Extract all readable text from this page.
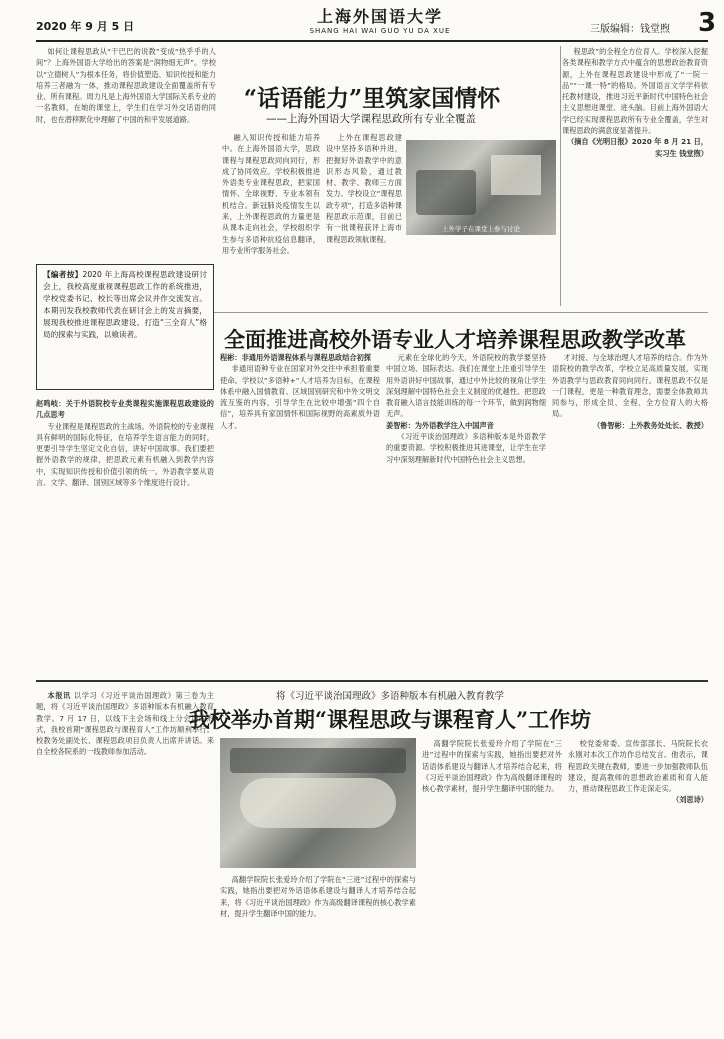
2020 年 9 月 5 日
上海外国语大学
SHANG HAI WAI GUO YU DA XUE	三版编辑：钱堂煦 3
“话语能力”里筑家国情怀
——上海外国语大学课程思政所有专业全覆盖

如何让课程思政从“干巴巴的说教”变成“热乎乎的人间”？上海外国语大学给出的答案是“润物细无声”。学校以“立德树人”为根本任务，将价值塑造、知识传授和能力培养三者融为一体，推动课程思政建设全面覆盖所有专业、所有课程。周力凡是上海外国语大学国际关系专业的一名教师，在她的课堂上，学生们在学习外交话语的同时，也在潜移默化中理解了中国的和平发展道路。

融入知识传授和能力培养中。在上海外国语大学，思政课程与课程思政同向同行，形成了协同效应。学校积极推进外语类专业课程思政，把家国情怀、全球视野、专业本领有机结合。新冠肺炎疫情发生以来，上外课程思政的力量更是从课本走向社会，学校组织学生参与多语种抗疫信息翻译，用专业所学服务社会。

上外在课程思政建设中坚持多语种并进，把握好外语教学中的意识形态风险，通过教材、教学、教师三方面发力。学校设立“课程思政专项”，打造多语种课程思政示范课，目前已有一批课程获评上海市课程思政领航课程。

上外学子在课堂上参与讨论

程思政”的全程全方位育人。学校深入挖掘各类课程和教学方式中蕴含的思想政治教育资源，上外在课程思政建设中形成了“一院一品”“一课一特”的格局。外国语言文学学科依托教材建设，推进习近平新时代中国特色社会主义思想进课堂、进头脑。目前上海外国语大学已经实现课程思政所有专业全覆盖，学生对课程思政的满意度显著提升。

（摘自《光明日报》2020 年 8 月 21 日，实习生 钱堂煦）

【编者按】2020 年上海高校课程思政建设研讨会上，我校高度重视课程思政工作的系统推进，学校党委书记、校长等出席会议并作交流发言。本期刊发我校教师代表在研讨会上的发言摘要，展现我校推进课程思政建设、打造“三全育人”格局的探索与实践，以飨读者。	全面推进高校外语专业人才培养课程思政教学改革

赵鸣岐：关于外语院校专业类课程实施课程思政建设的几点思考

专业课程是课程思政的主战场。外语院校的专业课程具有鲜明的国际化特征，在培养学生语言能力的同时，更要引导学生坚定文化自信，讲好中国故事。我们要把握外语教学的规律，把思政元素有机融入到教学内容中，实现知识传授和价值引领的统一。外语教学要从语言、文学、翻译、国别区域等多个维度进行设计。

程彬：非通用外语课程体系与课程思政结合初探

非通用语种专业在国家对外交往中承担着重要使命。学校以“多语种+”人才培养为目标，在课程体系中融入国情教育、区域国别研究和中外文明交流互鉴的内容，引导学生在比较中增强“四个自信”，培养具有家国情怀和国际视野的高素质外语人才。

元素在全球化的今天，外语院校的教学要坚持中国立场、国际表达。我们在课堂上注重引导学生用外语讲好中国故事，通过中外比较的视角让学生深刻理解中国特色社会主义制度的优越性。把思政教育融入语言技能训练的每一个环节，做到润物细无声。

姜智彬：为外语教学注入中国声音

《习近平谈治国理政》多语种版本是外语教学的重要资源。学校积极推进其进课堂，让学生在学习中深刻理解新时代中国特色社会主义思想。

才对接、与全球治理人才培养的结合。作为外语院校的教学改革，学校立足高质量发展，实现外语教学与思政教育同向同行。课程思政不仅是一门课程，更是一种教育理念，需要全体教师共同参与，形成全员、全程、全方位育人的大格局。

（鲁智彬：上外教务处处长、教授）

将《习近平谈治国理政》多语种版本有机融入教育教学
我校举办首期“课程思政与课程育人”工作坊

本报讯 以学习《习近平谈治国理政》第三卷为主题，将《习近平谈治国理政》多语种版本有机融入教育教学。7 月 17 日，以线下主会场和线上分会场的形式，我校首期“课程思政与课程育人”工作坊顺利举行。校教务处副处长、课程思政项目负责人出席并讲话。来自全校各院系的一线教师参加活动。

高翻学院院长张爱玲介绍了学院在“三进”过程中的探索与实践，她指出要把对外话语体系建设与翻译人才培养结合起来，将《习近平谈治国理政》作为高级翻译课程的核心教学素材，提升学生翻译中国的能力。

高翻学院院长张爱玲介绍了学院在“三进”过程中的探索与实践，她指出要把对外话语体系建设与翻译人才培养结合起来，将《习近平谈治国理政》作为高级翻译课程的核心教学素材，提升学生翻译中国的能力。

校党委常委、宣传部部长、马院院长衣永刚对本次工作坊作总结发言。他表示，课程思政关键在教师，要进一步加强教师队伍建设，提高教师的思想政治素质和育人能力，推动课程思政工作走深走实。

（刘思诗）
